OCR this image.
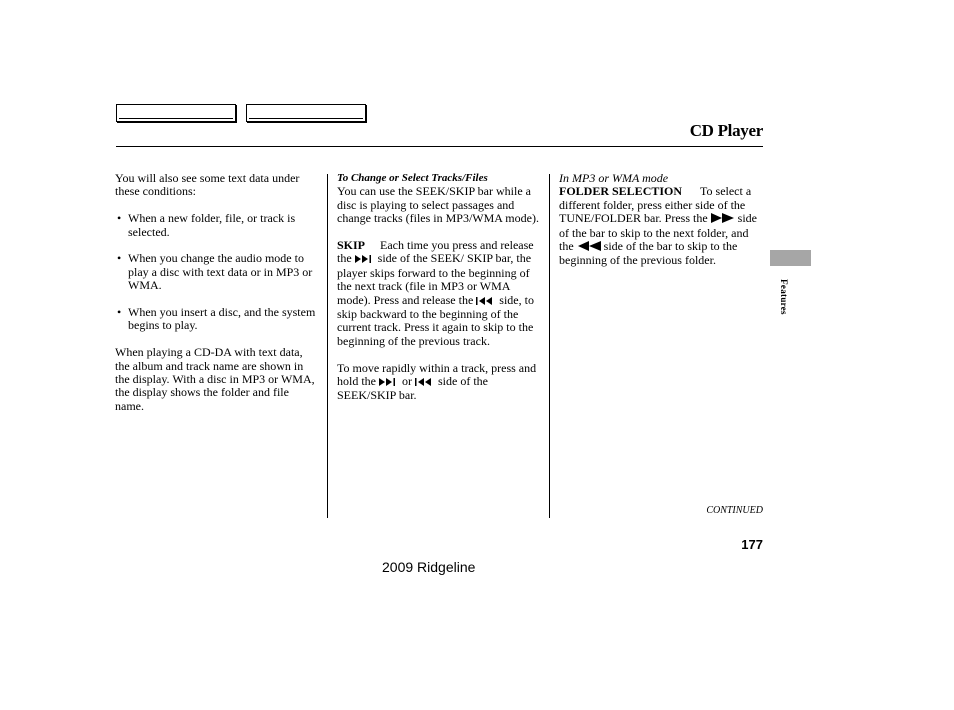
CD Player

You will also see some text data under these conditions:

• When a new folder, file, or track is selected.
• When you change the audio mode to play a disc with text data or in MP3 or WMA.
• When you insert a disc, and the system begins to play.

When playing a CD-DA with text data, the album and track name are shown in the display. With a disc in MP3 or WMA, the display shows the folder and file name.

To Change or Select Tracks/Files

You can use the SEEK/SKIP bar while a disc is playing to select passages and change tracks (files in MP3/WMA mode).

SKIP Each time you press and release the side of the SEEK/ SKIP bar, the player skips forward to the beginning of the next track (file in MP3 or WMA mode). Press and release the side, to skip backward to the beginning of the current track. Press it again to skip to the beginning of the previous track.

To move rapidly within a track, press and hold the or side of the SEEK/SKIP bar.

In MP3 or WMA mode

FOLDER SELECTION To select a different folder, press either side of the TUNE/FOLDER bar. Press the	side of the bar to skip to the next folder, and the	side of the bar to skip to the beginning of the previous folder.

Features
CONTINUED
177
2009 Ridgeline
